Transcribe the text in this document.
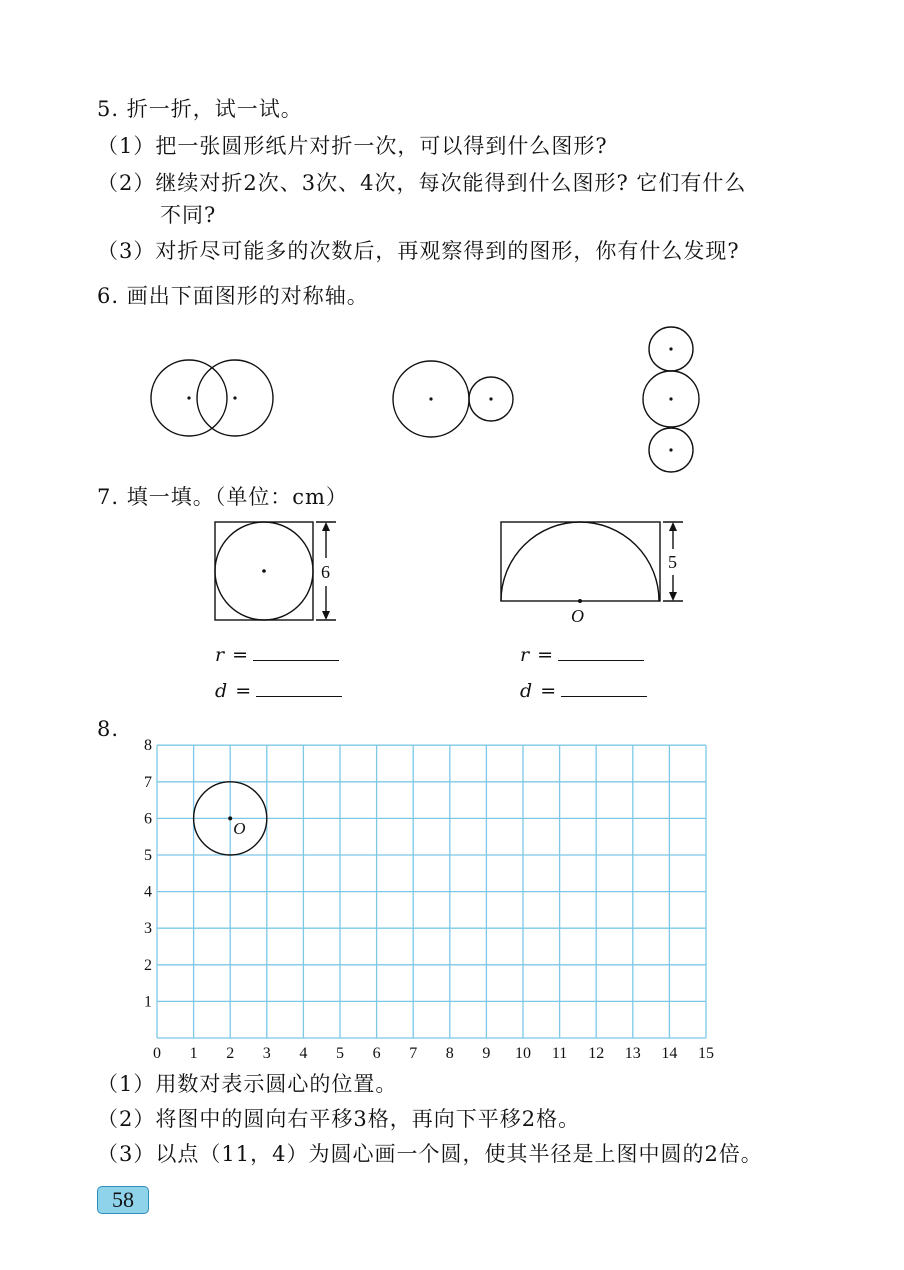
5. 折一折，试一试。
（1）把一张圆形纸片对折一次，可以得到什么图形?
（2）继续对折2次、3次、4次，每次能得到什么图形? 它们有什么
不同?
（3）对折尽可能多的次数后，再观察得到的图形，你有什么发现?
6. 画出下面图形的对称轴。
7. 填一填。（单位：cm）
6	5
O
r =
d =
r =
d =
8.
0 1 2 3 4 5 6 7 8 9 10 11 12 13 14 15
1
2
3
4
5
6
7
8
O
（1）用数对表示圆心的位置。
（2）将图中的圆向右平移3格，再向下平移2格。
（3）以点（11，4）为圆心画一个圆，使其半径是上图中圆的2倍。
58
